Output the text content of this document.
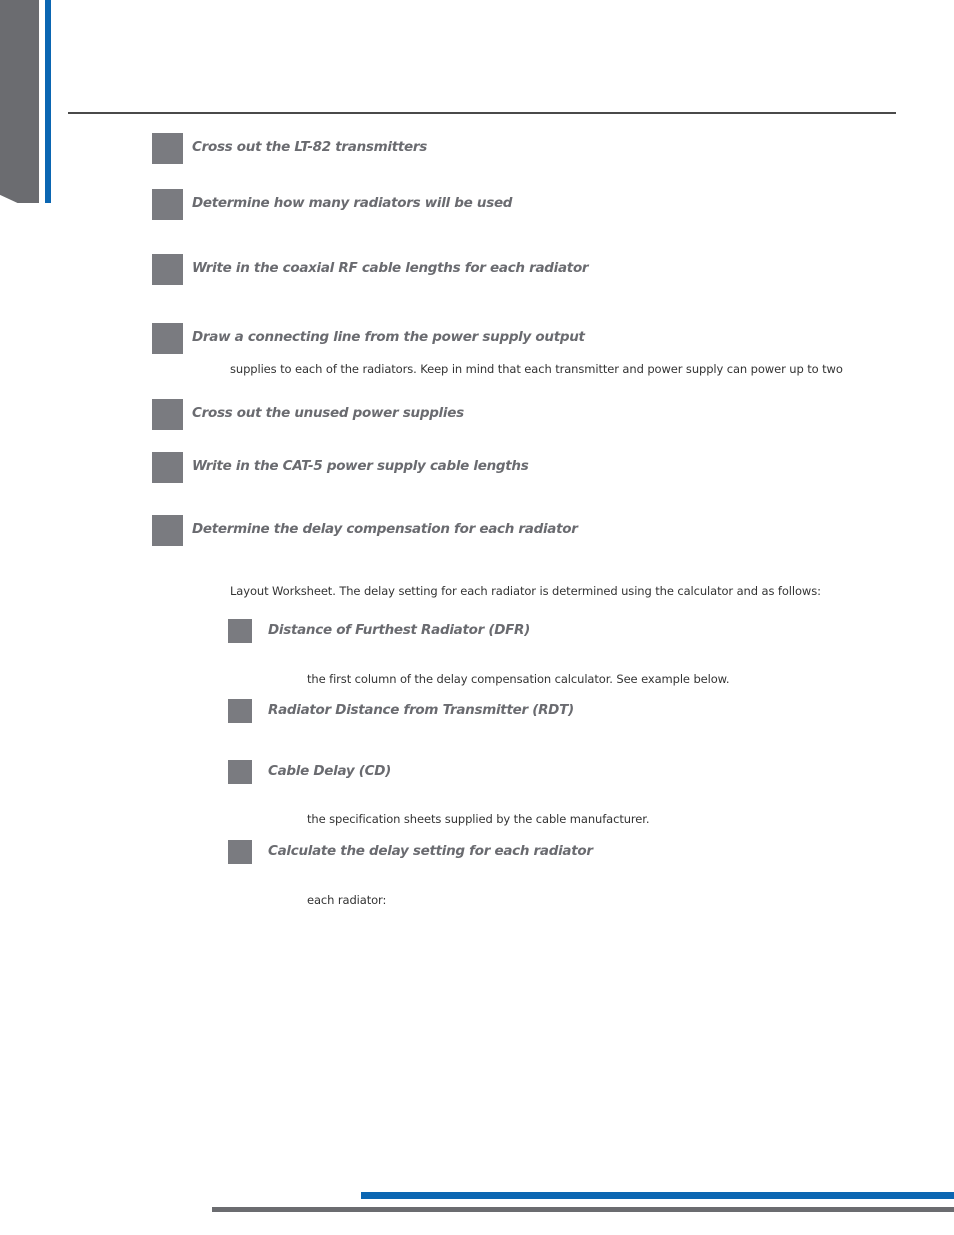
Cross out the LT-82 transmitters
Determine how many radiators will be used
Write in the coaxial RF cable lengths for each radiator
Draw a connecting line from the power supply output
supplies to each of the radiators. Keep in mind that each transmitter and power supply can power up to two
Cross out the unused power supplies
Write in the CAT-5 power supply cable lengths
Determine the delay compensation for each radiator
Layout Worksheet. The delay setting for each radiator is determined using the calculator and as follows:
Distance of Furthest Radiator (DFR)
the first column of the delay compensation calculator. See example below.
Radiator Distance from Transmitter (RDT)
Cable Delay (CD)
the specification sheets supplied by the cable manufacturer.
Calculate the delay setting for each radiator
each radiator:
